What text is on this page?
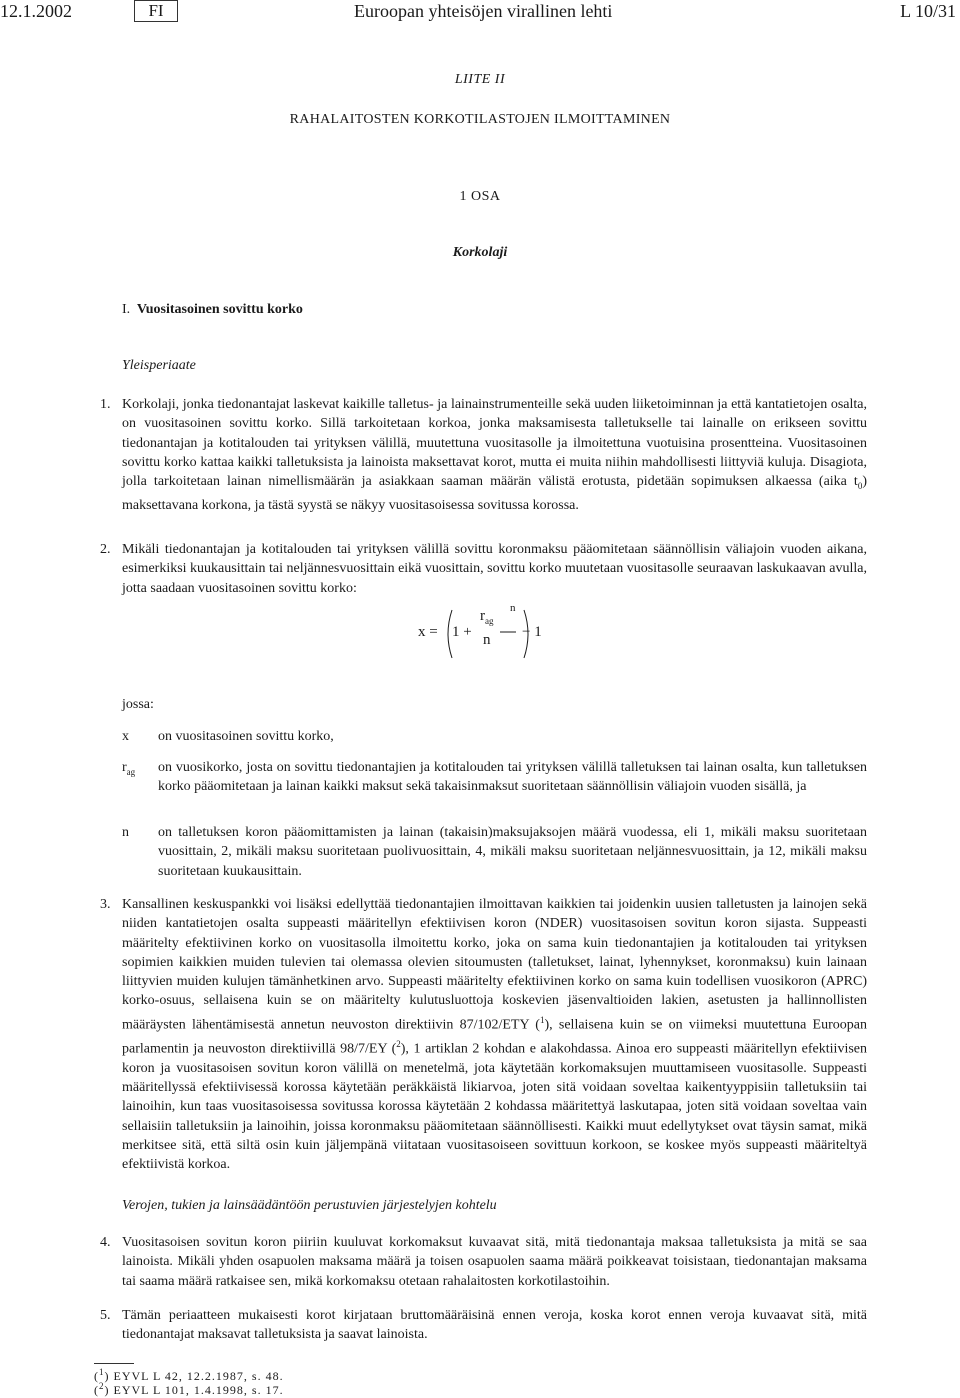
12.1.2002	FI	Euroopan yhteisöjen virallinen lehti	L 10/31
LIITE II
RAHALAITOSTEN KORKOTILASTOJEN ILMOITTAMINEN
1 OSA
Korkolaji
I. Vuositasoinen sovittu korko
Yleisperiaate
1. Korkolaji, jonka tiedonantajat laskevat kaikille talletus- ja lainainstrumenteille sekä uuden liiketoiminnan ja että kantatietojen osalta, on vuositasoinen sovittu korko. Sillä tarkoitetaan korkoa, jonka maksamisesta talletukselle tai lainalle on erikseen sovittu tiedonantajan ja kotitalouden tai yrityksen välillä, muutettuna vuositasolle ja ilmoitettuna vuotuisina prosentteina. Vuositasoinen sovittu korko kattaa kaikki talletuksista ja lainoista maksettavat korot, mutta ei muita niihin mahdollisesti liittyviä kuluja. Disagiota, jolla tarkoitetaan lainan nimellismäärän ja asiakkaan saaman määrän välistä erotusta, pidetään sopimuksen alkaessa (aika $t_0$) maksettavana korkona, ja tästä syystä se näkyy vuositasoisessa sovitussa korossa.
2. Mikäli tiedonantajan ja kotitalouden tai yrityksen välillä sovittu koronmaksu pääomitetaan säännöllisin väliajoin vuoden aikana, esimerkiksi kuukausittain tai neljännesvuosittain eikä vuosittain, sovittu korko muutetaan vuositasolle seuraavan laskukaavan avulla, jotta saadaan vuositasoinen sovittu korko:
x = 1 +
$r_{ag}$
n
n
− 1
jossa:
x on vuositasoinen sovittu korko,
$r_{ag}$ on vuosikorko, josta on sovittu tiedonantajien ja kotitalouden tai yrityksen välillä talletuksen tai lainan osalta, kun talletuksen korko pääomitetaan ja lainan kaikki maksut sekä takaisinmaksut suoritetaan säännöllisin väliajoin vuoden sisällä, ja
n on talletuksen koron pääomittamisten ja lainan (takaisin)maksujaksojen määrä vuodessa, eli 1, mikäli maksu suoritetaan vuosittain, 2, mikäli maksu suoritetaan puolivuosittain, 4, mikäli maksu suoritetaan neljännesvuosittain, ja 12, mikäli maksu suoritetaan kuukausittain.
3. Kansallinen keskuspankki voi lisäksi edellyttää tiedonantajien ilmoittavan kaikkien tai joidenkin uusien talletusten ja lainojen sekä niiden kantatietojen osalta suppeasti määritellyn efektiivisen koron (NDER) vuositasoisen sovitun koron sijasta. Suppeasti määritelty efektiivinen korko on vuositasolla ilmoitettu korko, joka on sama kuin tiedonantajien ja kotitalouden tai yrityksen sopimien kaikkien muiden tulevien tai olemassa olevien sitoumusten (talletukset, lainat, lyhennykset, koronmaksu) kuin lainaan liittyvien muiden kulujen tämänhetkinen arvo. Suppeasti määritelty efektiivinen korko on sama kuin todellisen vuosikoron (APRC) korko-osuus, sellaisena kuin se on määritelty kulutusluottoja koskevien jäsenvaltioiden lakien, asetusten ja hallinnollisten määräysten lähentämisestä annetun neuvoston direktiivin 87/102/ETY ($^1$), sellaisena kuin se on viimeksi muutettuna Euroopan parlamentin ja neuvoston direktiivillä 98/7/EY ($^2$), 1 artiklan 2 kohdan e alakohdassa. Ainoa ero suppeasti määritellyn efektiivisen koron ja vuositasoisen sovitun koron välillä on menetelmä, jota käytetään korkomaksujen muuttamiseen vuositasolle. Suppeasti määritellyssä efektiivisessä korossa käytetään peräkkäistä likiarvoa, joten sitä voidaan soveltaa kaikentyyppisiin talletuksiin tai lainoihin, kun taas vuositasoisessa sovitussa korossa käytetään 2 kohdassa määritettyä laskutapaa, joten sitä voidaan soveltaa vain sellaisiin talletuksiin ja lainoihin, joissa koronmaksu pääomitetaan säännöllisesti. Kaikki muut edellytykset ovat täysin samat, mikä merkitsee sitä, että siltä osin kuin jäljempänä viitataan vuositasoiseen sovittuun korkoon, se koskee myös suppeasti määriteltyä efektiivistä korkoa.
Verojen, tukien ja lainsäädäntöön perustuvien järjestelyjen kohtelu
4. Vuositasoisen sovitun koron piiriin kuuluvat korkomaksut kuvaavat sitä, mitä tiedonantaja maksaa talletuksista ja mitä se saa lainoista. Mikäli yhden osapuolen maksama määrä ja toisen osapuolen saama määrä poikkeavat toisistaan, tiedonantajan maksama tai saama määrä ratkaisee sen, mikä korkomaksu otetaan rahalaitosten korkotilastoihin.
5. Tämän periaatteen mukaisesti korot kirjataan bruttomääräisinä ennen veroja, koska korot ennen veroja kuvaavat sitä, mitä tiedonantajat maksavat talletuksista ja saavat lainoista.
($^1$) EYVL L 42, 12.2.1987, s. 48.
($^2$) EYVL L 101, 1.4.1998, s. 17.
